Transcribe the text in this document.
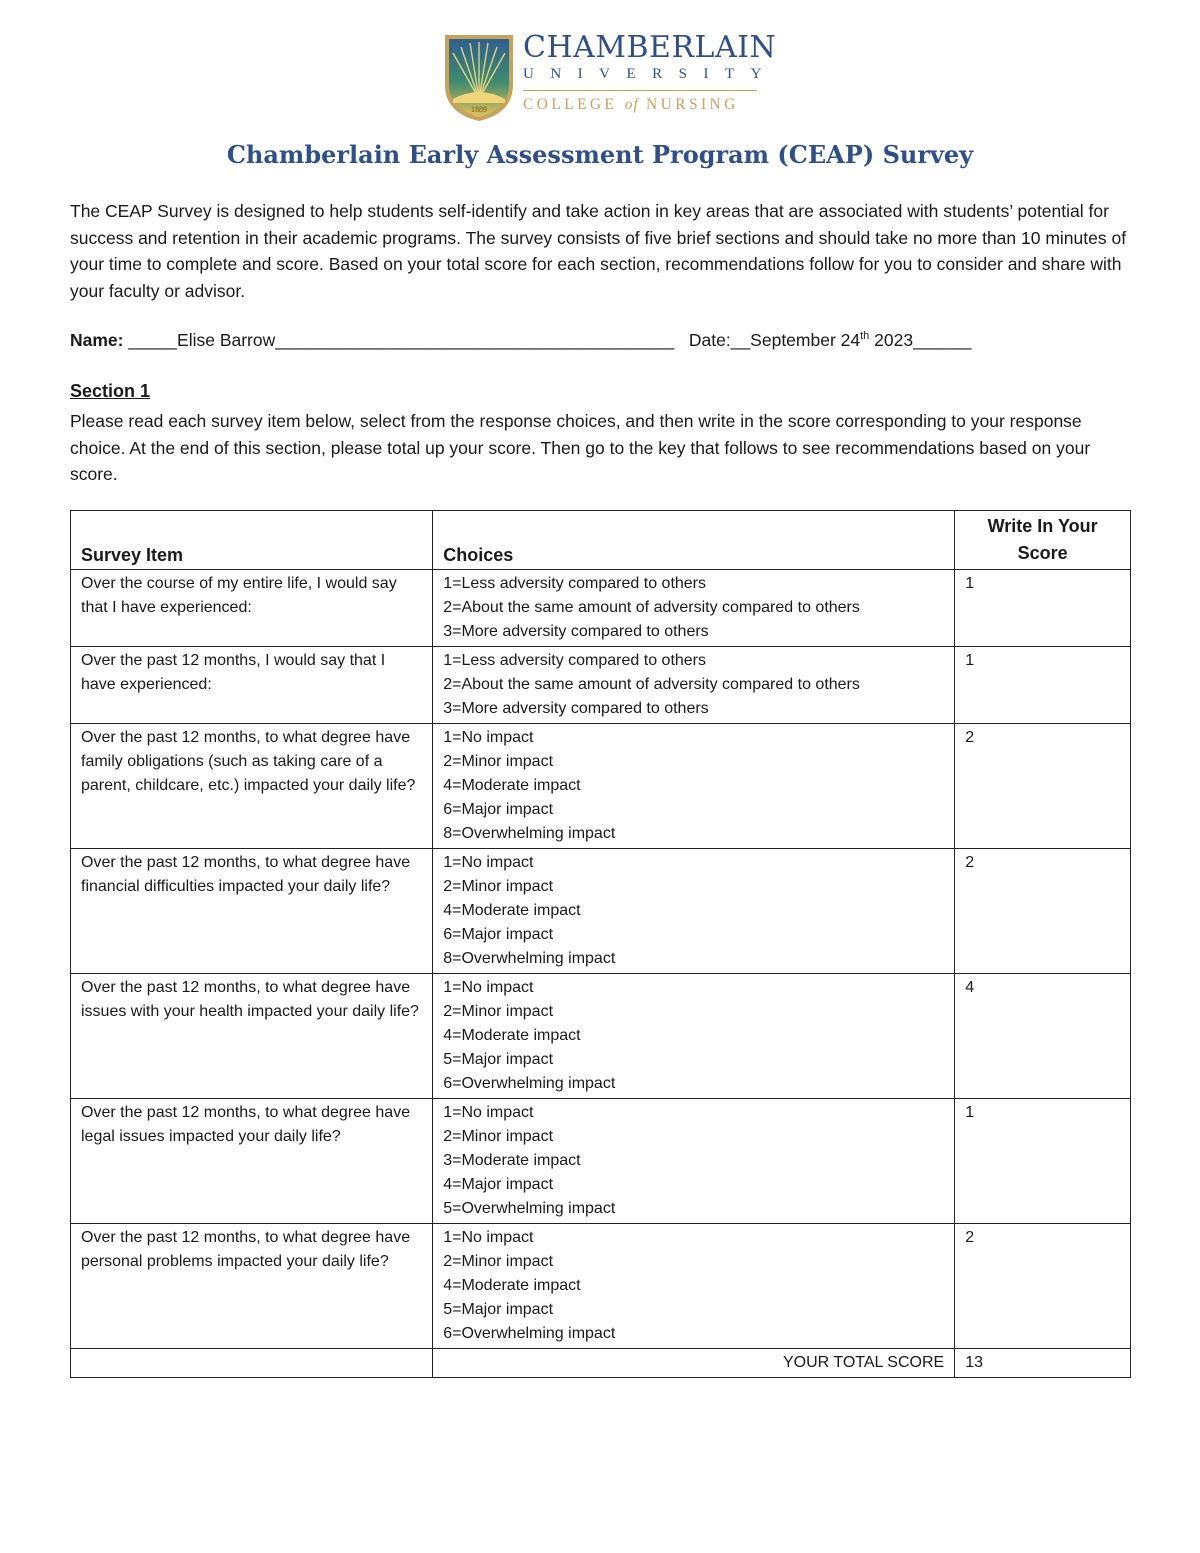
1889
CHAMBERLAIN
UNIVERSITY
COLLEGE of NURSING
Chamberlain Early Assessment Program (CEAP) Survey
The CEAP Survey is designed to help students self-identify and take action in key areas that are associated with students’ potential for success and retention in their academic programs. The survey consists of five brief sections and should take no more than 10 minutes of your time to complete and score. Based on your total score for each section, recommendations follow for you to consider and share with your faculty or advisor.
Name: _____Elise Barrow_________________________________________ Date:__September 24th 2023______
Section 1
Please read each survey item below, select from the response choices, and then write in the score corresponding to your response choice. At the end of this section, please total up your score. Then go to the key that follows to see recommendations based on your score.
Survey Item	Choices	Write In Your
Score
Over the course of my entire life, I would say that I have experienced:	1=Less adversity compared to others
2=About the same amount of adversity compared to others
3=More adversity compared to others	1
Over the past 12 months, I would say that I have experienced:	1=Less adversity compared to others
2=About the same amount of adversity compared to others
3=More adversity compared to others	1
Over the past 12 months, to what degree have family obligations (such as taking care of a parent, childcare, etc.) impacted your daily life?	1=No impact
2=Minor impact
4=Moderate impact
6=Major impact
8=Overwhelming impact	2
Over the past 12 months, to what degree have financial difficulties impacted your daily life?	1=No impact
2=Minor impact
4=Moderate impact
6=Major impact
8=Overwhelming impact	2
Over the past 12 months, to what degree have issues with your health impacted your daily life?	1=No impact
2=Minor impact
4=Moderate impact
5=Major impact
6=Overwhelming impact	4
Over the past 12 months, to what degree have legal issues impacted your daily life?	1=No impact
2=Minor impact
3=Moderate impact
4=Major impact
5=Overwhelming impact	1
Over the past 12 months, to what degree have personal problems impacted your daily life?	1=No impact
2=Minor impact
4=Moderate impact
5=Major impact
6=Overwhelming impact	2
	YOUR TOTAL SCORE	13
